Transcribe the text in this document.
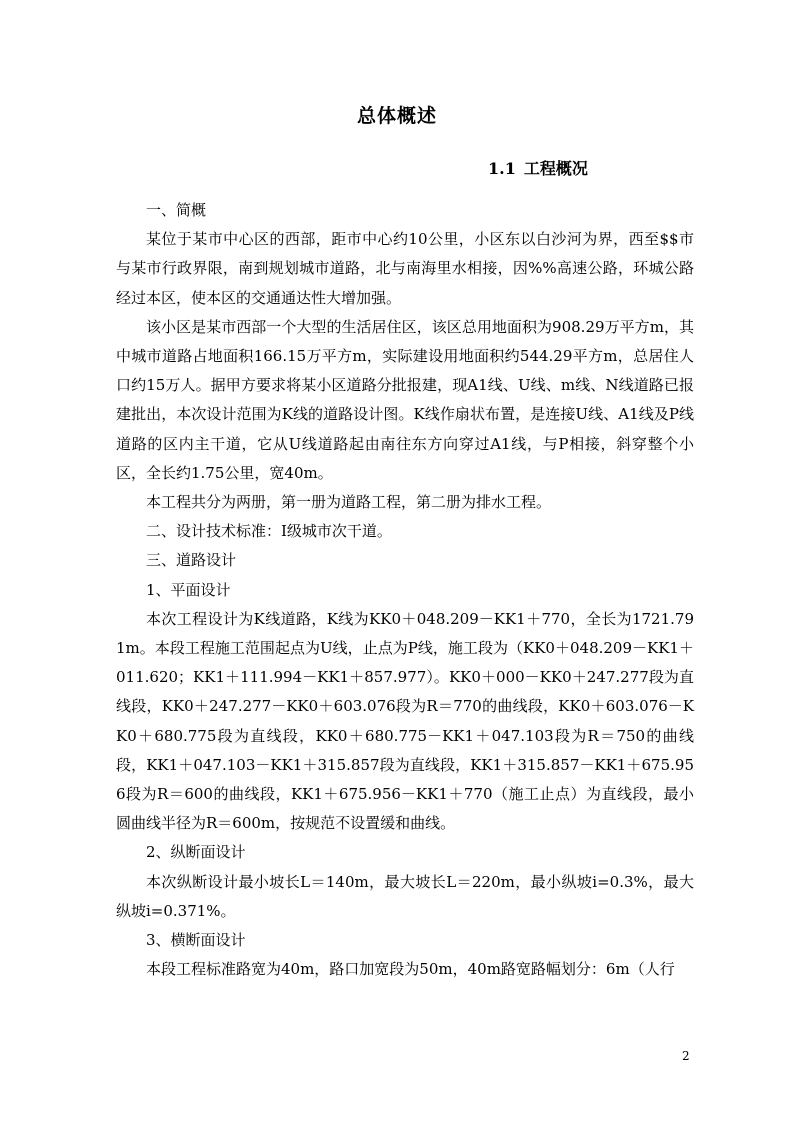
总体概述
1.1 工程概况

一、简概

某位于某市中心区的西部，距市中心约10公里，小区东以白沙河为界，西至$$市与某市行政界限，南到规划城市道路，北与南海里水相接，因%%高速公路，环城公路经过本区，使本区的交通通达性大增加强。

该小区是某市西部一个大型的生活居住区，该区总用地面积为908.29万平方m，其中城市道路占地面积166.15万平方m，实际建设用地面积约544.29平方m，总居住人口约15万人。据甲方要求将某小区道路分批报建，现A1线、U线、m线、N线道路已报建批出，本次设计范围为K线的道路设计图。K线作扇状布置，是连接U线、A1线及P线道路的区内主干道，它从U线道路起由南往东方向穿过A1线，与P相接，斜穿整个小区，全长约1.75公里，宽40m。

本工程共分为两册，第一册为道路工程，第二册为排水工程。

二、设计技术标准：Ⅰ级城市次干道。

三、道路设计

1、平面设计

本次工程设计为K线道路，K线为KK0＋048.209－KK1＋770，全长为1721.791m。本段工程施工范围起点为U线，止点为P线，施工段为（KK0＋048.209－KK1＋011.620；KK1＋111.994－KK1＋857.977）。KK0＋000－KK0＋247.277段为直线段，KK0＋247.277－KK0＋603.076段为R＝770的曲线段，KK0＋603.076－KK0＋680.775段为直线段，KK0＋680.775－KK1＋047.103段为R＝750的曲线段，KK1＋047.103－KK1＋315.857段为直线段，KK1＋315.857－KK1＋675.956段为R＝600的曲线段，KK1＋675.956－KK1＋770（施工止点）为直线段，最小圆曲线半径为R＝600m，按规范不设置缓和曲线。

2、纵断面设计

本次纵断设计最小坡长L＝140m，最大坡长L＝220m，最小纵坡i=0.3%，最大纵坡i=0.371%。

3、横断面设计

本段工程标准路宽为40m，路口加宽段为50m，40m路宽路幅划分：6m（人行

2
